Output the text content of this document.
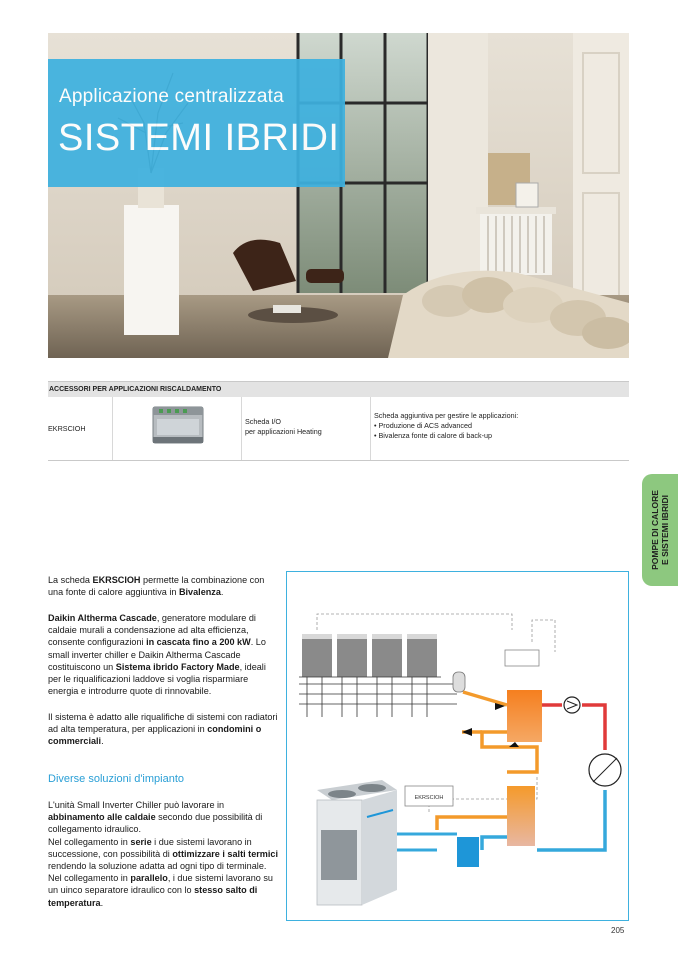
Applicazione centralizzata
SISTEMI IBRIDI
ACCESSORI PER APPLICAZIONI RISCALDAMENTO
EKRSCIOH
Scheda I/O
per applicazioni Heating
Scheda aggiuntiva per gestire le applicazioni:
• Produzione di ACS advanced
• Bivalenza fonte di calore di back-up
POMPE DI CALORE E SISTEMI IBRIDI
La scheda EKRSCIOH permette la combinazione con una fonte di calore aggiuntiva in Bivalenza.
Daikin Altherma Cascade, generatore modulare di caldaie murali a condensazione ad alta efficienza, consente configurazioni in cascata fino a 200 kW. Lo small inverter chiller e Daikin Altherma Cascade costituiscono un Sistema ibrido Factory Made, ideali per le riqualificazioni laddove si voglia risparmiare energia e introdurre quote di rinnovabile.
Il sistema è adatto alle riqualifiche di sistemi con radiatori ad alta temperatura, per applicazioni in condomini o commerciali.
Diverse soluzioni d'impianto
L'unità Small Inverter Chiller può lavorare in abbinamento alle caldaie secondo due possibilità di collegamento idraulico.
Nel collegamento in serie i due sistemi lavorano in successione, con possibilità di ottimizzare i salti termici rendendo la soluzione adatta ad ogni tipo di terminale.
Nel collegamento in parallelo, i due sistemi lavorano su un uinco separatore idraulico con lo stesso salto di temperatura.
EKRSCIOH
205
